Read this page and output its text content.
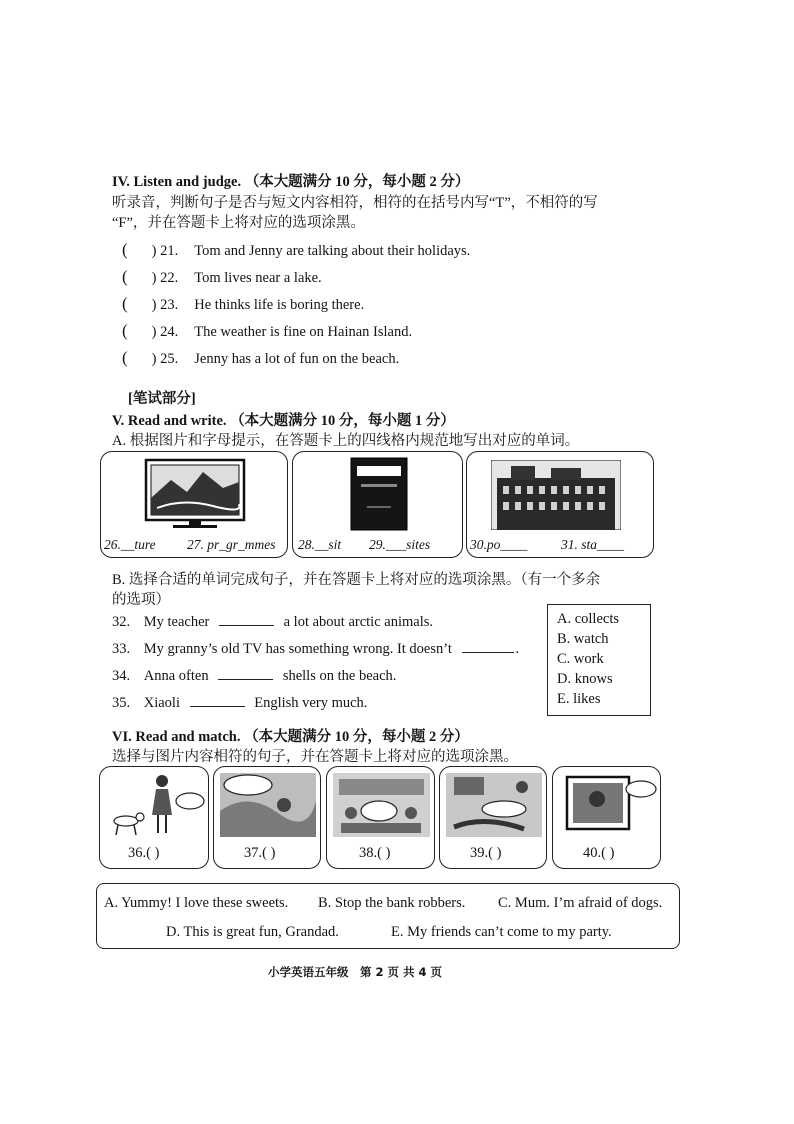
IV. Listen and judge. （本大题满分 10 分，每小题 2 分）
听录音，判断句子是否与短文内容相符，相符的在括号内写“T”，不相符的写
“F”，并在答题卡上将对应的选项涂黑。
( ) 21. Tom and Jenny are talking about their holidays.
( ) 22. Tom lives near a lake.
( ) 23. He thinks life is boring there.
( ) 24. The weather is fine on Hainan Island.
( ) 25. Jenny has a lot of fun on the beach.
[笔试部分]
V. Read and write. （本大题满分 10 分，每小题 1 分）
A. 根据图片和字母提示，在答题卡上的四线格内规范地写出对应的单词。
26.__ture 27. pr_gr_mmes 28.__sit 29.___sites	30.po____ 31. sta____
B. 选择合适的单词完成句子，并在答题卡上将对应的选项涂黑。（有一个多余
的选项）
32. My teacher	a lot about arctic animals.
33. My granny’s old TV has something wrong. It doesn’t	.
34. Anna often	shells on the beach.
35. Xiaoli	English very much.
A. collects
B. watch
C. work
D. knows
E. likes
VI. Read and match. （本大题满分 10 分，每小题 2 分）
选择与图片内容相符的句子，并在答题卡上将对应的选项涂黑。
36.( )	37.( )	38.( )	39.( )	40.( )
A. Yummy! I love these sweets. B. Stop the bank robbers. C. Mum. I’m afraid of dogs.
D. This is great fun, Grandad.	E. My friends can’t come to my party.
小学英语五年级　第 2 页 共 4 页
